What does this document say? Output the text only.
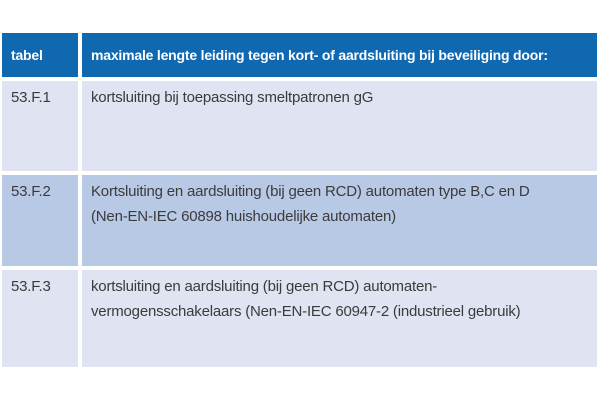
tabel	maximale lengte leiding tegen kort- of aardsluiting bij beveiliging door:
53.F.1	kortsluiting bij toepassing smeltpatronen gG
53.F.2	Kortsluiting en aardsluiting (bij geen RCD) automaten type B,C en D
(Nen-EN-IEC 60898 huishoudelijke automaten)
53.F.3	kortsluiting en aardsluiting (bij geen RCD) automaten-
vermogensschakelaars (Nen-EN-IEC 60947-2 (industrieel gebruik)
